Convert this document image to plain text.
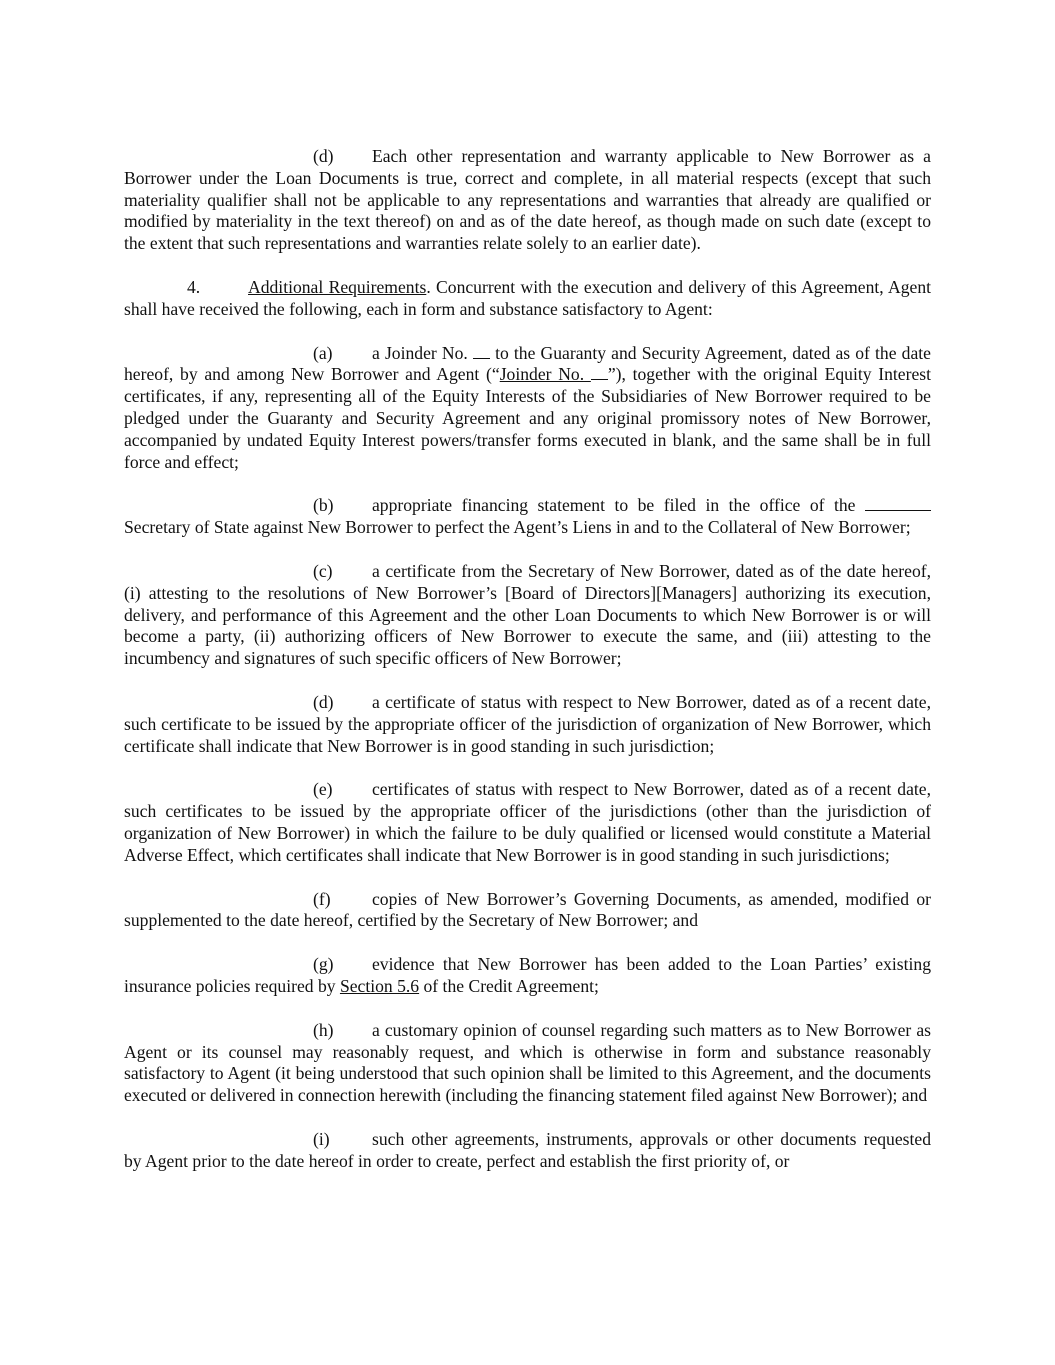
(d) Each other representation and warranty applicable to New Borrower as a Borrower under the Loan Documents is true, correct and complete, in all material respects (except that such materiality qualifier shall not be applicable to any representations and warranties that already are qualified or modified by materiality in the text thereof) on and as of the date hereof, as though made on such date (except to the extent that such representations and warranties relate solely to an earlier date).

4.	Additional Requirements. Concurrent with the execution and delivery of this Agreement, Agent shall have received the following, each in form and substance satisfactory to Agent:

(a) a Joinder No.  to the Guaranty and Security Agreement, dated as of the date hereof, by and among New Borrower and Agent (“Joinder No. ”), together with the original Equity Interest certificates, if any, representing all of the Equity Interests of the Subsidiaries of New Borrower required to be pledged under the Guaranty and Security Agreement and any original promissory notes of New Borrower, accompanied by undated Equity Interest powers/transfer forms executed in blank, and the same shall be in full force and effect;

(b) appropriate financing statement to be filed in the office of the  Secretary of State against New Borrower to perfect the Agent’s Liens in and to the Collateral of New Borrower;

(c) a certificate from the Secretary of New Borrower, dated as of the date hereof, (i) attesting to the resolutions of New Borrower’s [Board of Directors][Managers] authorizing its execution, delivery, and performance of this Agreement and the other Loan Documents to which New Borrower is or will become a party, (ii) authorizing officers of New Borrower to execute the same, and (iii) attesting to the incumbency and signatures of such specific officers of New Borrower;

(d) a certificate of status with respect to New Borrower, dated as of a recent date, such certificate to be issued by the appropriate officer of the jurisdiction of organization of New Borrower, which certificate shall indicate that New Borrower is in good standing in such jurisdiction;

(e) certificates of status with respect to New Borrower, dated as of a recent date, such certificates to be issued by the appropriate officer of the jurisdictions (other than the jurisdiction of organization of New Borrower) in which the failure to be duly qualified or licensed would constitute a Material Adverse Effect, which certificates shall indicate that New Borrower is in good standing in such jurisdictions;

(f) copies of New Borrower’s Governing Documents, as amended, modified or supplemented to the date hereof, certified by the Secretary of New Borrower; and

(g) evidence that New Borrower has been added to the Loan Parties’ existing insurance policies required by Section 5.6 of the Credit Agreement;

(h) a customary opinion of counsel regarding such matters as to New Borrower as Agent or its counsel may reasonably request, and which is otherwise in form and substance reasonably satisfactory to Agent (it being understood that such opinion shall be limited to this Agreement, and the documents executed or delivered in connection herewith (including the financing statement filed against New Borrower); and

(i) such other agreements, instruments, approvals or other documents requested by Agent prior to the date hereof in order to create, perfect and establish the first priority of, or
